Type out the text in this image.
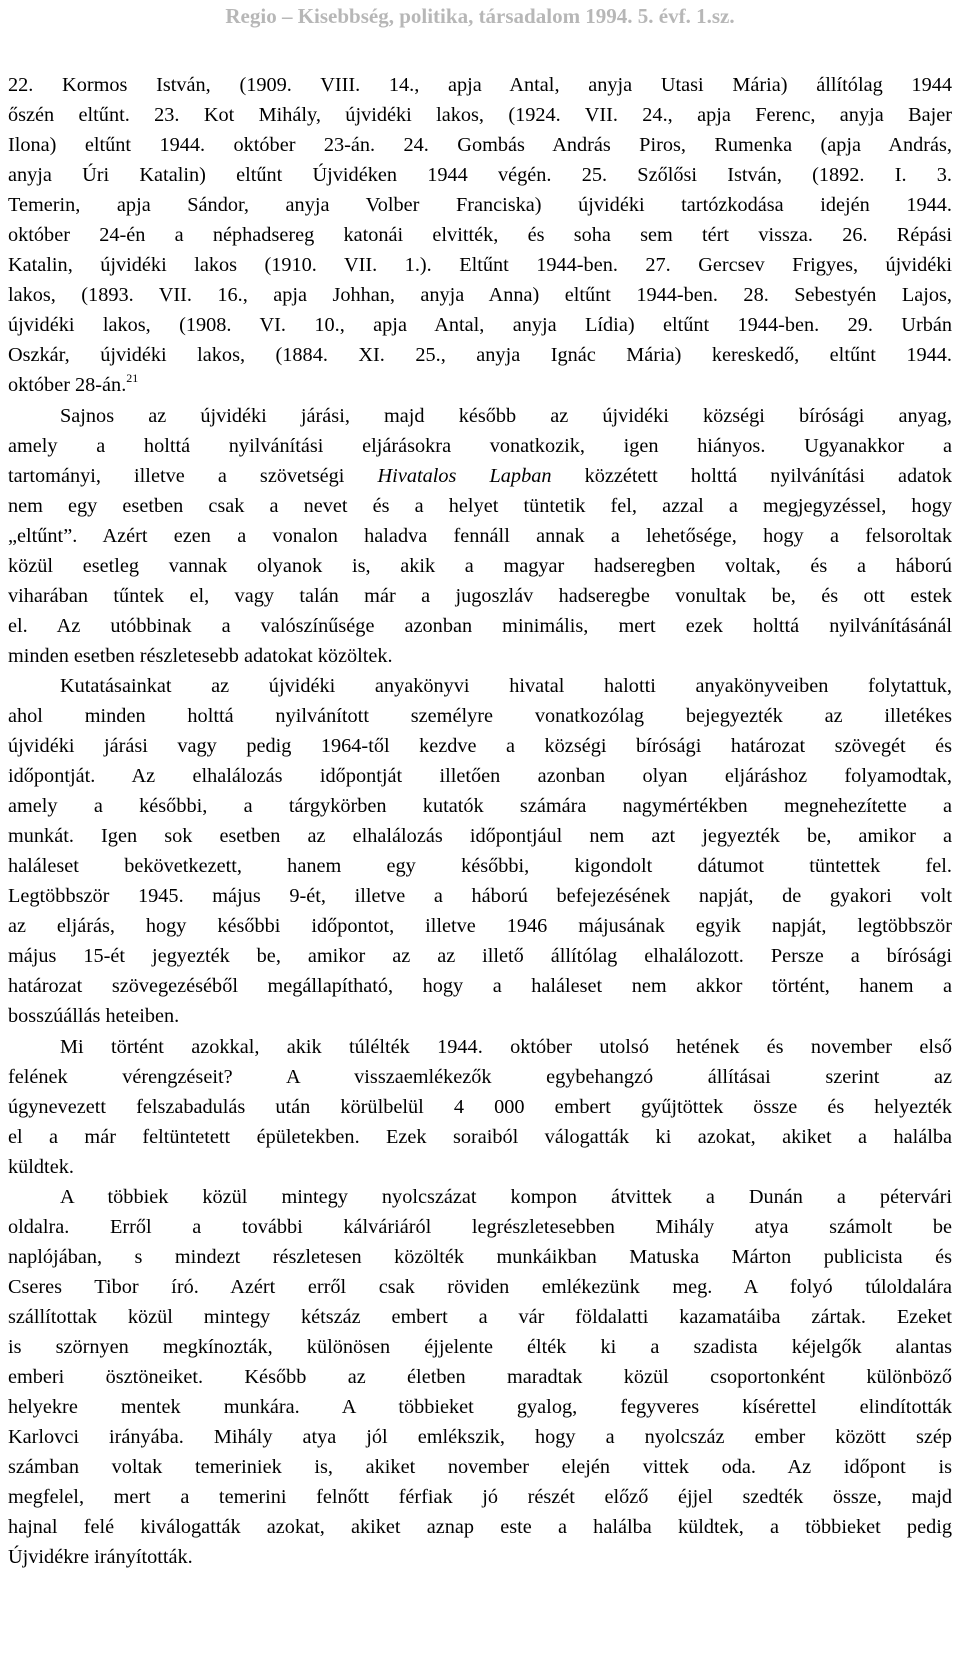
Regio – Kisebbség, politika, társadalom 1994. 5. évf. 1.sz.
22. Kormos István, (1909. VIII. 14., apja Antal, anyja Utasi Mária) állítólag 1944
őszén eltűnt. 23. Kot Mihály, újvidéki lakos, (1924. VII. 24., apja Ferenc, anyja Bajer
Ilona) eltűnt 1944. október 23-án. 24. Gombás András Piros, Rumenka (apja András,
anyja Úri Katalin) eltűnt Újvidéken 1944 végén. 25. Szőlősi István, (1892. I. 3.
Temerin, apja Sándor, anyja Volber Franciska) újvidéki tartózkodása idején 1944.
október 24-én a néphadsereg katonái elvitték, és soha sem tért vissza. 26. Répási
Katalin, újvidéki lakos (1910. VII. 1.). Eltűnt 1944-ben. 27. Gercsev Frigyes, újvidéki
lakos, (1893. VII. 16., apja Johhan, anyja Anna) eltűnt 1944-ben. 28. Sebestyén Lajos,
újvidéki lakos, (1908. VI. 10., apja Antal, anyja Lídia) eltűnt 1944-ben. 29. Urbán
Oszkár, újvidéki lakos, (1884. XI. 25., anyja Ignác Mária) kereskedő, eltűnt 1944.
október 28-án.$^{21}$
Sajnos az újvidéki járási, majd később az újvidéki községi bírósági anyag,
amely a holttá nyilvánítási eljárásokra vonatkozik, igen hiányos. Ugyanakkor a
tartományi, illetve a szövetségi Hivatalos Lapban közzétett holttá nyilvánítási adatok
nem egy esetben csak a nevet és a helyet tüntetik fel, azzal a megjegyzéssel, hogy
„eltűnt”. Azért ezen a vonalon haladva fennáll annak a lehetősége, hogy a felsoroltak
közül esetleg vannak olyanok is, akik a magyar hadseregben voltak, és a háború
viharában tűntek el, vagy talán már a jugoszláv hadseregbe vonultak be, és ott estek
el. Az utóbbinak a valószínűsége azonban minimális, mert ezek holttá nyilvánításánál
minden esetben részletesebb adatokat közöltek.
Kutatásainkat az újvidéki anyakönyvi hivatal halotti anyakönyveiben folytattuk,
ahol minden holttá nyilvánított személyre vonatkozólag bejegyezték az illetékes
újvidéki járási vagy pedig 1964-től kezdve a községi bírósági határozat szövegét és
időpontját. Az elhalálozás időpontját illetően azonban olyan eljáráshoz folyamodtak,
amely a későbbi, a tárgykörben kutatók számára nagymértékben megnehezítette a
munkát. Igen sok esetben az elhalálozás időpontjául nem azt jegyezték be, amikor a
haláleset bekövetkezett, hanem egy későbbi, kigondolt dátumot tüntettek fel.
Legtöbbször 1945. május 9-ét, illetve a háború befejezésének napját, de gyakori volt
az eljárás, hogy későbbi időpontot, illetve 1946 májusának egyik napját, legtöbbször
május 15-ét jegyezték be, amikor az az illető állítólag elhalálozott. Persze a bírósági
határozat szövegezéséből megállapítható, hogy a haláleset nem akkor történt, hanem a
bosszúállás heteiben.
Mi történt azokkal, akik túlélték 1944. október utolsó hetének és november első
felének vérengzéseit? A visszaemlékezők egybehangzó állításai szerint az
úgynevezett felszabadulás után körülbelül 4 000 embert gyűjtöttek össze és helyezték
el a már feltüntetett épületekben. Ezek soraiból válogatták ki azokat, akiket a halálba
küldtek.
A többiek közül mintegy nyolcszázat kompon átvittek a Dunán a pétervári
oldalra. Erről a további kálváriáról legrészletesebben Mihály atya számolt be
naplójában, s mindezt részletesen közölték munkáikban Matuska Márton publicista és
Cseres Tibor író. Azért erről csak röviden emlékezünk meg. A folyó túloldalára
szállítottak közül mintegy kétszáz embert a vár földalatti kazamatáiba zártak. Ezeket
is szörnyen megkínozták, különösen éjjelente élték ki a szadista kéjelgők alantas
emberi ösztöneiket. Később az életben maradtak közül csoportonként különböző
helyekre mentek munkára. A többieket gyalog, fegyveres kísérettel elindították
Karlovci irányába. Mihály atya jól emlékszik, hogy a nyolcszáz ember között szép
számban voltak temeriniek is, akiket november elején vittek oda. Az időpont is
megfelel, mert a temerini felnőtt férfiak jó részét előző éjjel szedték össze, majd
hajnal felé kiválogatták azokat, akiket aznap este a halálba küldtek, a többieket pedig
Újvidékre irányították.
